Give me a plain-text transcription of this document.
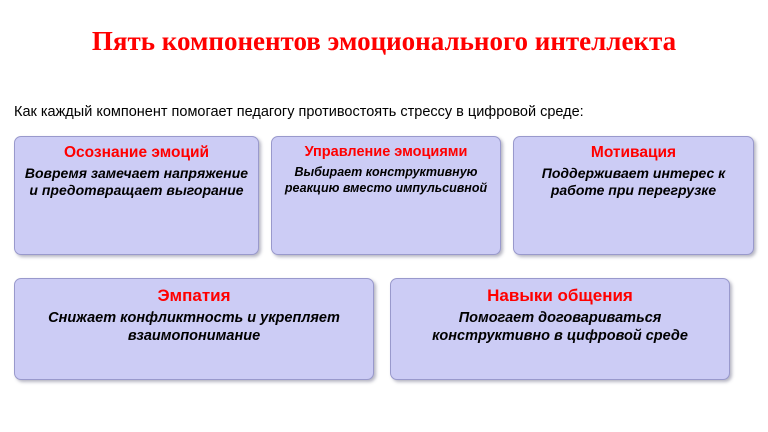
Пять компонентов эмоционального интеллекта
Как каждый компонент помогает педагогу противостоять стрессу в цифровой среде:
Осознание эмоций
Вовремя замечает напряжение и предотвращает выгорание
Управление эмоциями
Выбирает конструктивную реакцию вместо импульсивной
Мотивация
Поддерживает интерес к работе при перегрузке
Эмпатия
Снижает конфликтность и укрепляет взаимопонимание
Навыки общения
Помогает договариваться конструктивно в цифровой среде
